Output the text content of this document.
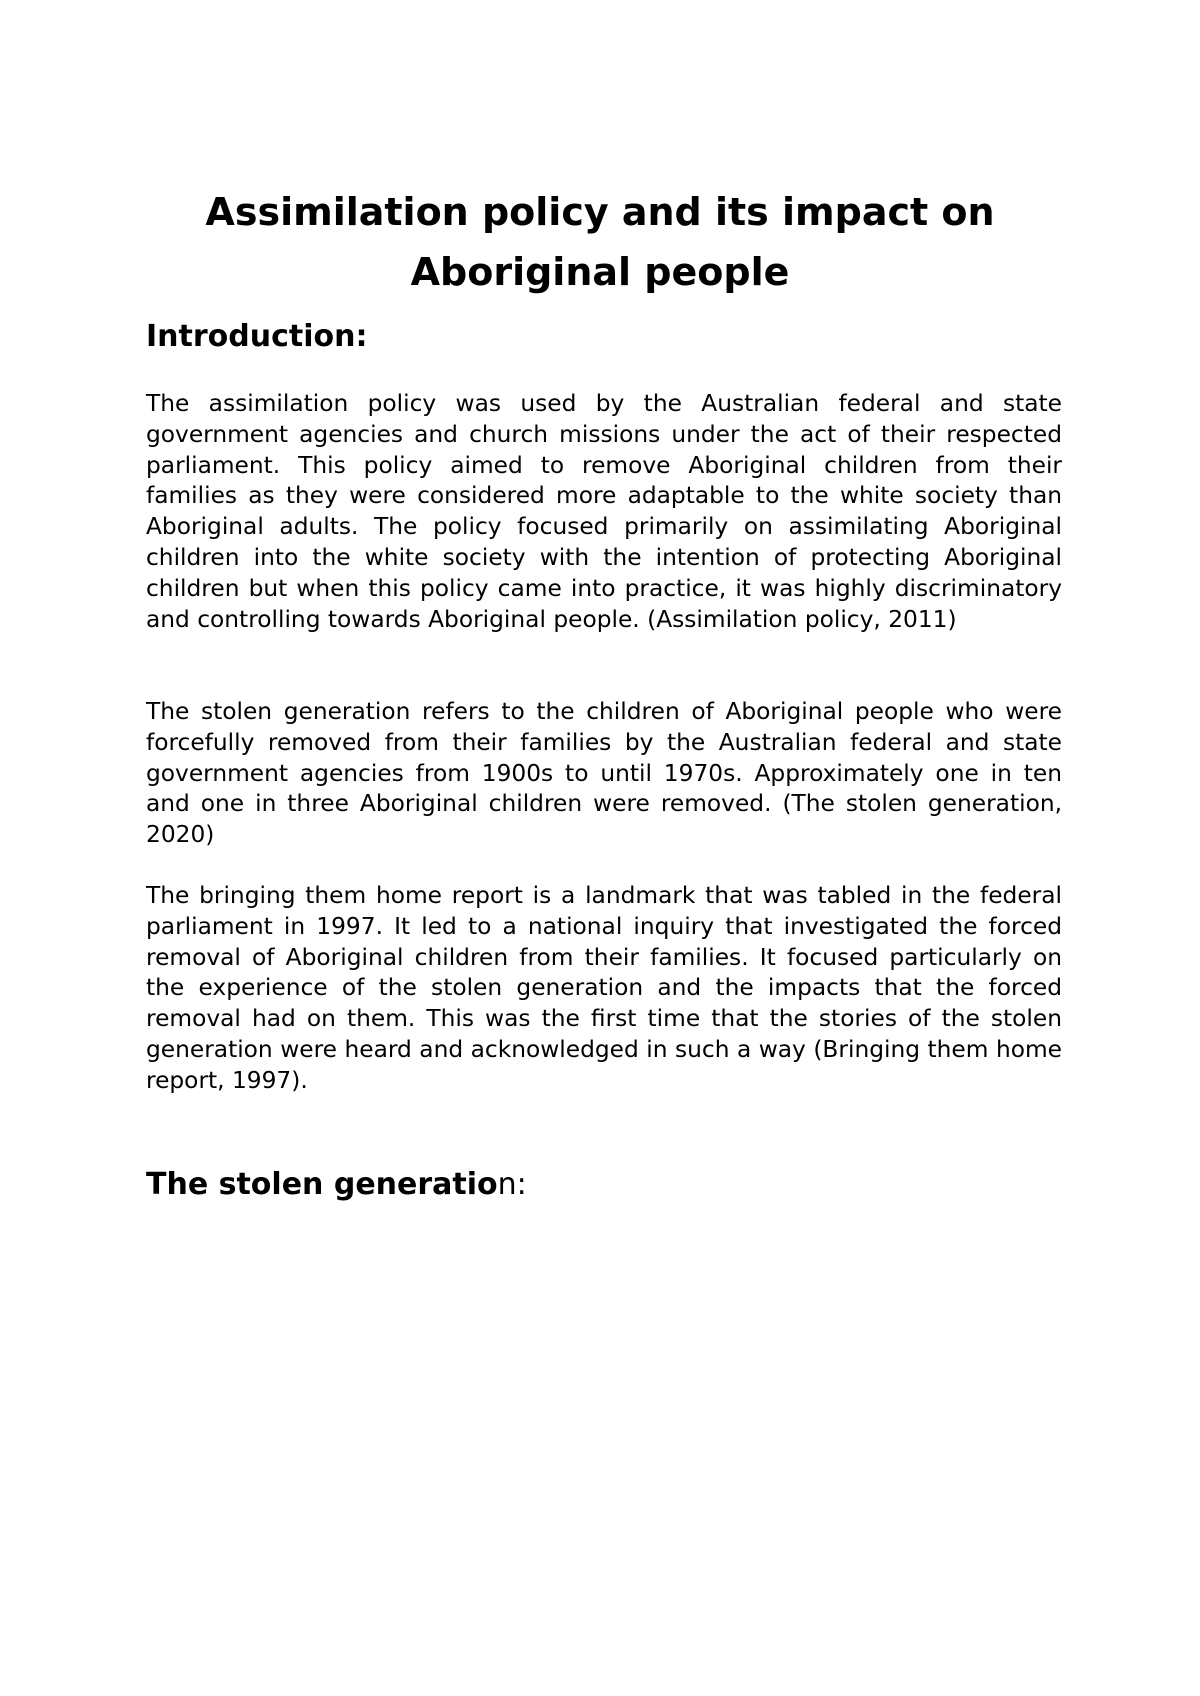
Assimilation policy and its impact on Aboriginal people
Introduction:

The assimilation policy was used by the Australian federal and state government agencies and church missions under the act of their respected parliament. This policy aimed to remove Aboriginal children from their families as they were considered more adaptable to the white society than Aboriginal adults. The policy focused primarily on assimilating Aboriginal children into the white society with the intention of protecting Aboriginal children but when this policy came into practice, it was highly discriminatory and controlling towards Aboriginal people. (Assimilation policy, 2011)

The stolen generation refers to the children of Aboriginal people who were forcefully removed from their families by the Australian federal and state government agencies from 1900s to until 1970s. Approximately one in ten and one in three Aboriginal children were removed. (The stolen generation, 2020)

The bringing them home report is a landmark that was tabled in the federal parliament in 1997. It led to a national inquiry that investigated the forced removal of Aboriginal children from their families. It focused particularly on the experience of the stolen generation and the impacts that the forced removal had on them. This was the first time that the stories of the stolen generation were heard and acknowledged in such a way (Bringing them home report, 1997).

The stolen generation:
